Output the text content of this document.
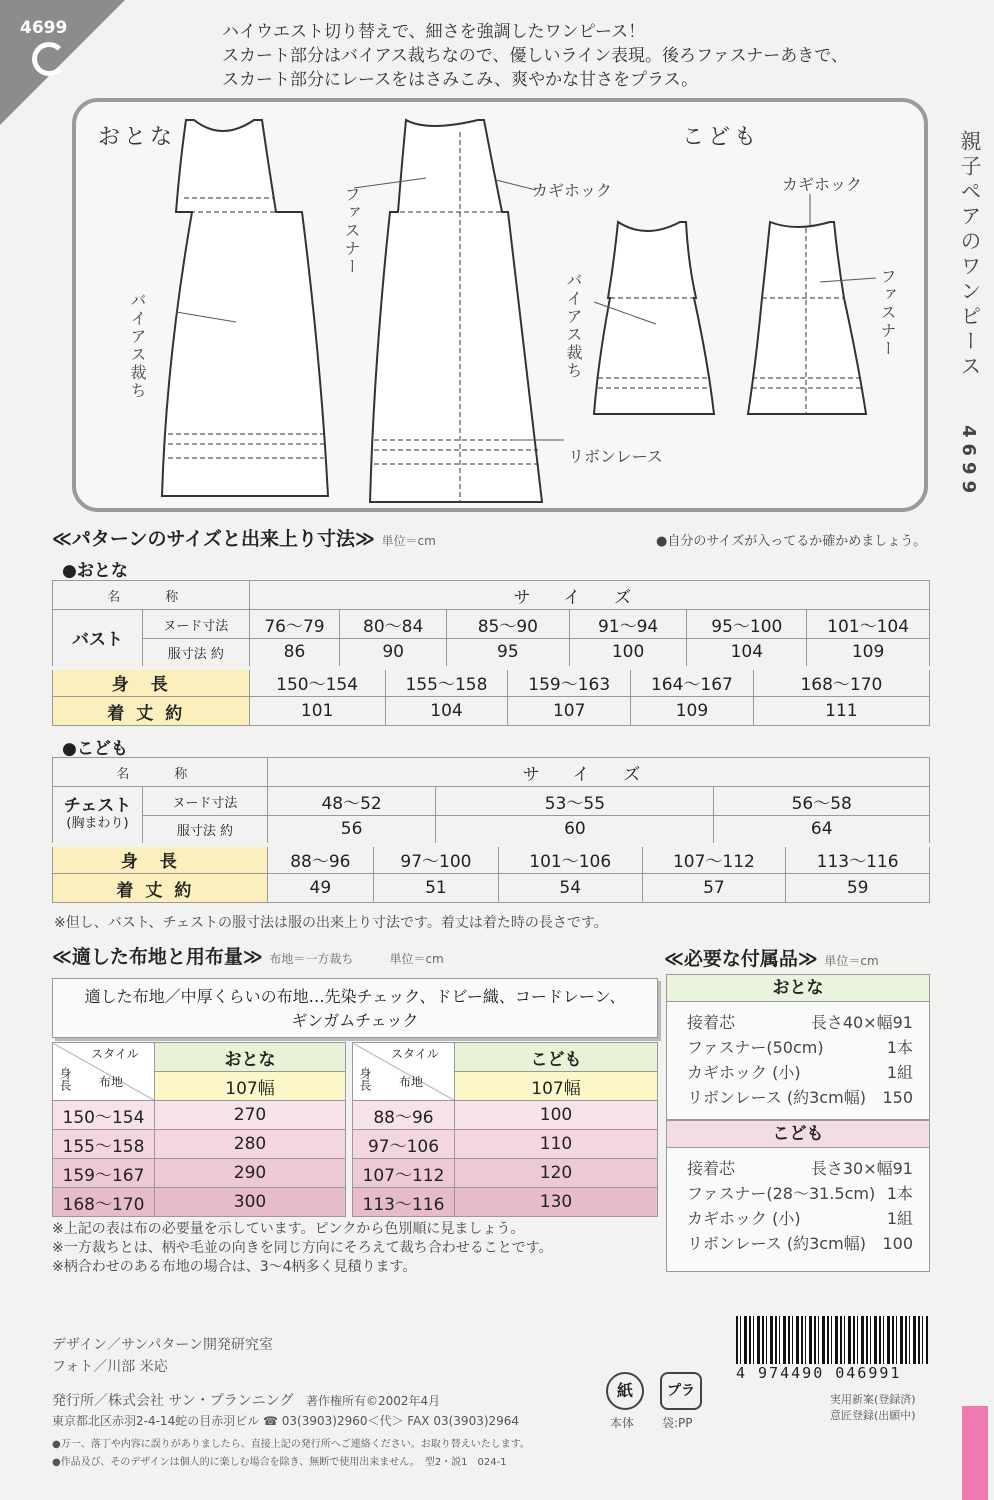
4699	ハイウエスト切り替えで、細さを強調したワンピース！
スカート部分はバイアス裁ちなので、優しいライン表現。後ろファスナーあきで、
スカート部分にレースをはさみこみ、爽やかな甘さをプラス。
おとな	こども
カギホック
ファスナー
バイアス裁ち
リボンレース
カギホック
ファスナー
バイアス裁ち	親子ペアのワンピース
4699
≪パターンのサイズと出来上り寸法≫ 単位＝cm	●自分のサイズが入ってるか確かめましょう。
●おとな
名　称		サイズ									
バスト	ヌード寸法	76〜79	80〜84		85〜90		91〜94		95〜100		101〜104
	服寸法 約	86	90		95		100		104		109
身長		150〜154		155〜158		159〜163		164〜167		168〜170	
着丈約		101		104		107		109		111	
●こども
名　称		サイズ						
チェスト
(胸まわり)	ヌード寸法	48〜52		53〜55			56〜58	
	服寸法 約	56		60			64	
身長		88〜96	97〜100		101〜106	107〜112		113〜116
着丈約		49	51		54	57		59
※但し、バスト、チェストの服寸法は服の出来上り寸法です。着丈は着た時の長さです。
≪適した布地と用布量≫ 布地＝一方裁ち	単位＝cm
適した布地／中厚くらいの布地…先染チェック、ドビー織、コードレーン、
ギンガムチェック
スタイル
布地
身長	おとな
	107幅
150〜154	270
155〜158	280
159〜167	290
168〜170	300
スタイル
布地
身長	こども
	107幅
88〜96	100
97〜106	110
107〜112	120
113〜116	130
※上記の表は布の必要量を示しています。ピンクから色別順に見ましょう。
※一方裁ちとは、柄や毛並の向きを同じ方向にそろえて裁ち合わせることです。
※柄合わせのある布地の場合は、3〜4柄多く見積ります。
≪必要な付属品≫ 単位＝cm
おとな
接着芯	長さ40×幅91
ファスナー(50cm)	1本
カギホック (小)	1組
リボンレース (約3cm幅) 150
こども
接着芯	長さ30×幅91
ファスナー(28〜31.5cm) 1本
カギホック (小)	1組
リボンレース (約3cm幅) 100
デザイン／サンパターン開発研究室
フォト／川部 米応
発行所／株式会社 サン・プランニング 著作権所有©2002年4月
東京都北区赤羽2-4-14蛇の目赤羽ビル ☎ 03(3903)2960＜代＞ FAX 03(3903)2964
●万一、落丁や内容に誤りがありましたら、直接上記の発行所へご連絡ください。お取り替えいたします。
●作品及び、そのデザインは個人的に楽しむ場合を除き、無断で使用出来ません。　型2・説1　024-1
紙
本体
プラ
袋:PP
4 974490 046991
実用新案(登録済)
意匠登録(出願中)
